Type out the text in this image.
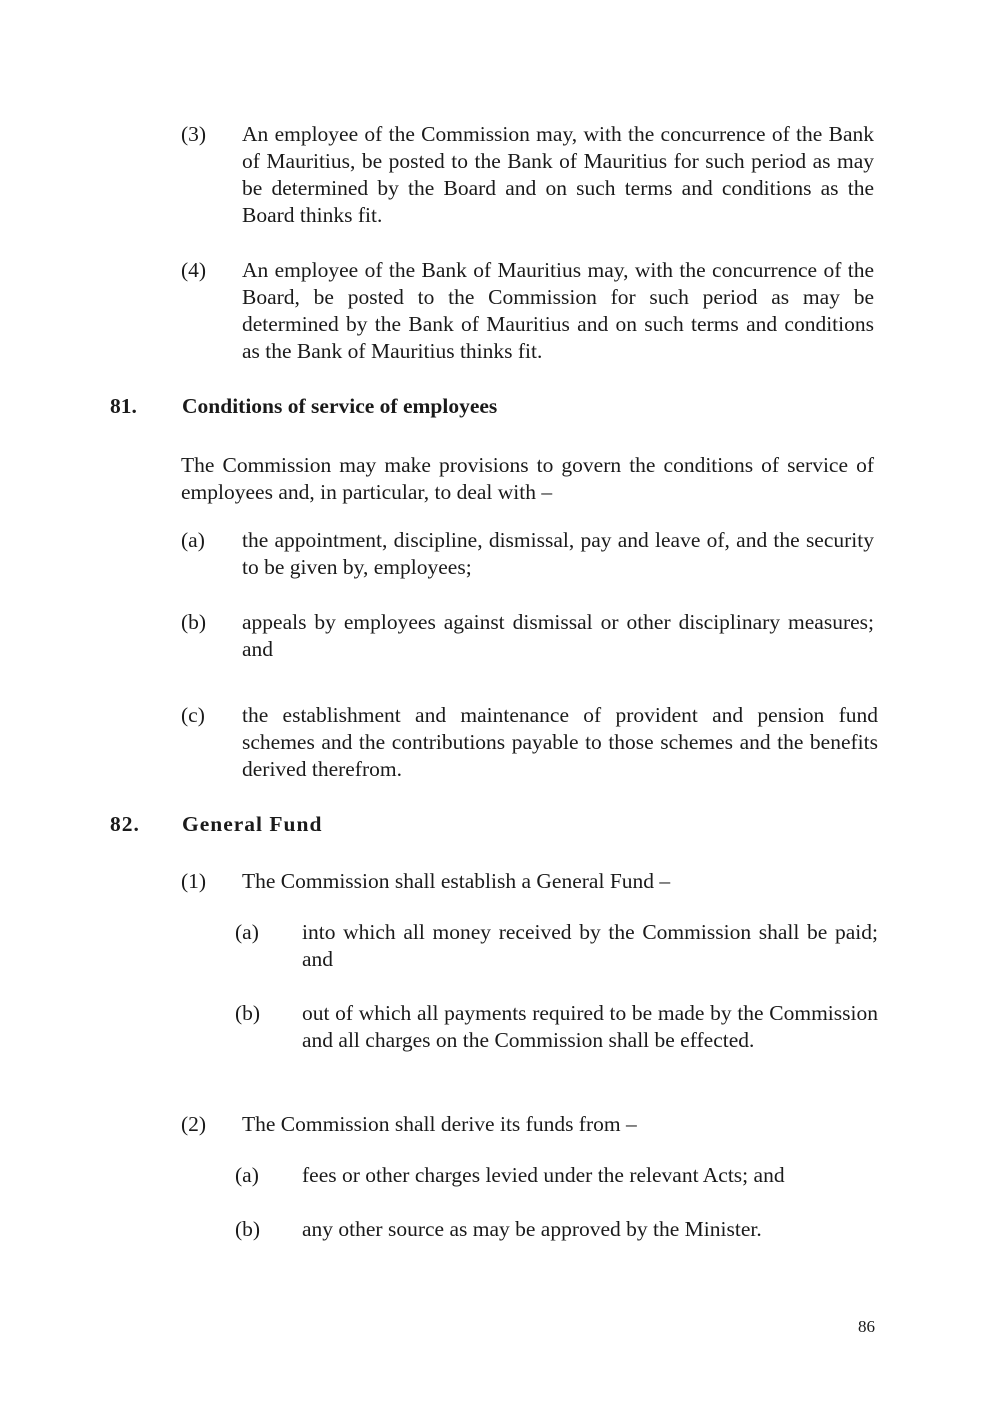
(3) An employee of the Commission may, with the concurrence of the Bank of Mauritius, be posted to the Bank of Mauritius for such period as may be determined by the Board and on such terms and conditions as the Board thinks fit.
(4) An employee of the Bank of Mauritius may, with the concurrence of the Board, be posted to the Commission for such period as may be determined by the Bank of Mauritius and on such terms and conditions as the Bank of Mauritius thinks fit.
81. Conditions of service of employees
The Commission may make provisions to govern the conditions of service of employees and, in particular, to deal with –
(a) the appointment, discipline, dismissal, pay and leave of, and the security to be given by, employees;
(b) appeals by employees against dismissal or other disciplinary measures; and
(c) the establishment and maintenance of provident and pension fund schemes and the contributions payable to those schemes and the benefits derived therefrom.
82. General Fund
(1) The Commission shall establish a General Fund –
(a) into which all money received by the Commission shall be paid; and
(b) out of which all payments required to be made by the Commission and all charges on the Commission shall be effected.
(2) The Commission shall derive its funds from –
(a) fees or other charges levied under the relevant Acts; and
(b) any other source as may be approved by the Minister.
86
